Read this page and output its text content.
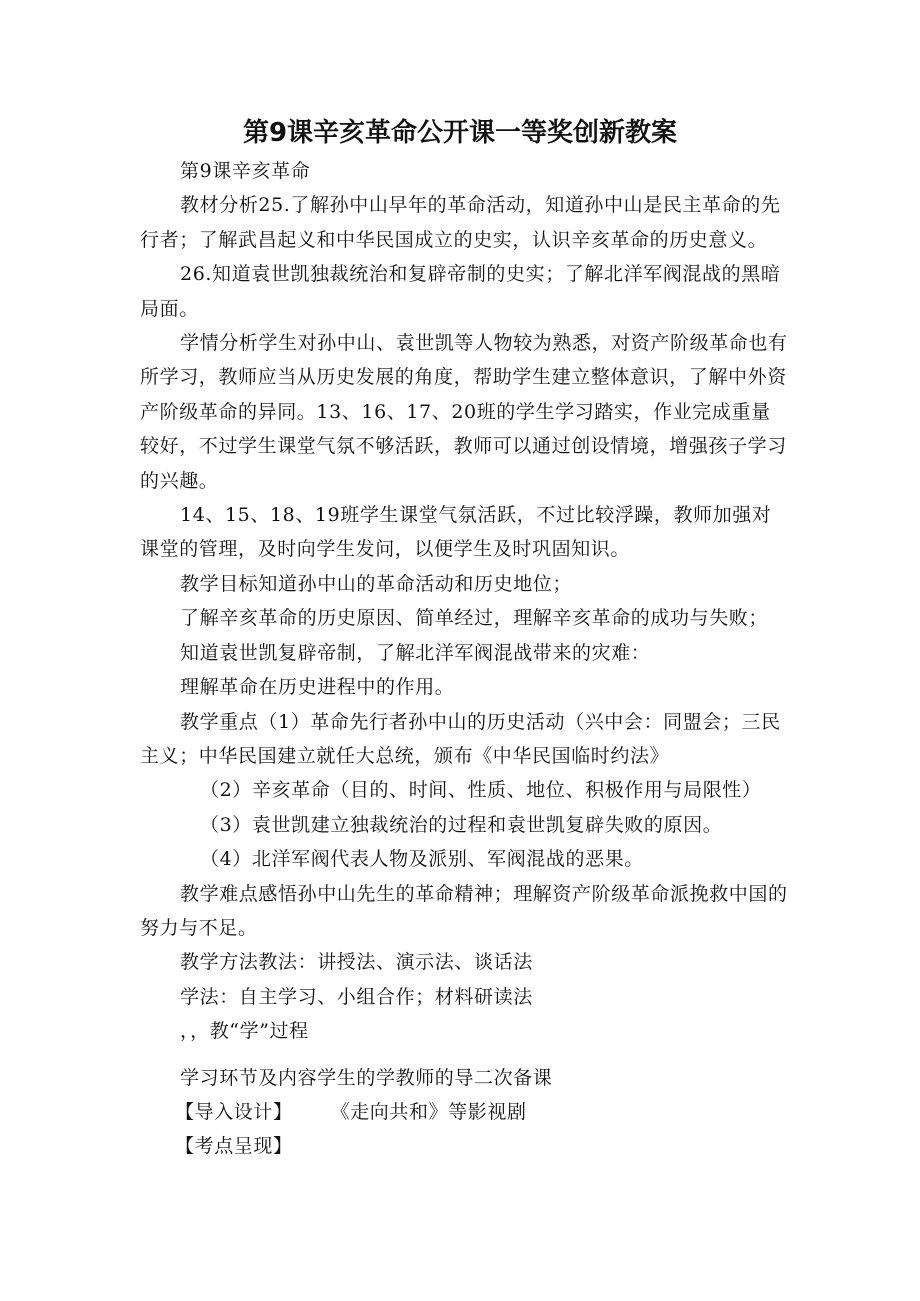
第9课辛亥革命公开课一等奖创新教案

第9课辛亥革命

教材分析25.了解孙中山早年的革命活动，知道孙中山是民主革命的先行者；了解武昌起义和中华民国成立的史实，认识辛亥革命的历史意义。

26.知道袁世凯独裁统治和复辟帝制的史实；了解北洋军阀混战的黑暗局面。

学情分析学生对孙中山、袁世凯等人物较为熟悉，对资产阶级革命也有所学习，教师应当从历史发展的角度，帮助学生建立整体意识，了解中外资产阶级革命的异同。13、16、17、20班的学生学习踏实，作业完成重量较好，不过学生课堂气氛不够活跃，教师可以通过创设情境，增强孩子学习的兴趣。

14、15、18、19班学生课堂气氛活跃，不过比较浮躁，教师加强对课堂的管理，及时向学生发问，以便学生及时巩固知识。

教学目标知道孙中山的革命活动和历史地位；

了解辛亥革命的历史原因、简单经过，理解辛亥革命的成功与失败；

知道袁世凯复辟帝制，了解北洋军阀混战带来的灾难：

理解革命在历史进程中的作用。

教学重点（1）革命先行者孙中山的历史活动（兴中会：同盟会；三民主义；中华民国建立就任大总统，颁布《中华民国临时约法》

（2）辛亥革命（目的、时间、性质、地位、积极作用与局限性）

（3）袁世凯建立独裁统治的过程和袁世凯复辟失败的原因。

（4）北洋军阀代表人物及派别、军阀混战的恶果。

教学难点感悟孙中山先生的革命精神；理解资产阶级革命派挽救中国的努力与不足。

教学方法教法：讲授法、演示法、谈话法

学法：自主学习、小组合作；材料研读法

，，教“学”过程

学习环节及内容学生的学教师的导二次备课

【导入设计】 《走向共和》等影视剧

【考点呈现】
